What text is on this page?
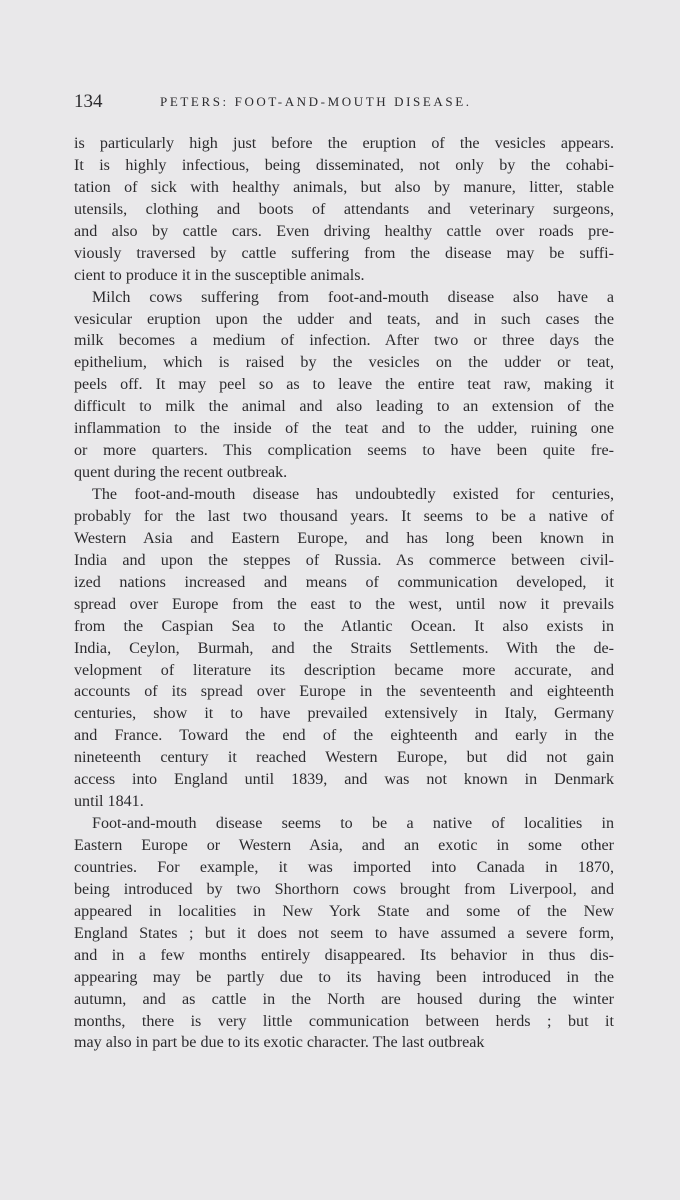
134	PETERS: FOOT-AND-MOUTH DISEASE.
is particularly high just before the eruption of the vesicles appears.
It is highly infectious, being disseminated, not only by the cohabi-
tation of sick with healthy animals, but also by manure, litter, stable
utensils, clothing and boots of attendants and veterinary surgeons,
and also by cattle cars. Even driving healthy cattle over roads pre-
viously traversed by cattle suffering from the disease may be suffi-
cient to produce it in the susceptible animals.
Milch cows suffering from foot-and-mouth disease also have a
vesicular eruption upon the udder and teats, and in such cases the
milk becomes a medium of infection. After two or three days the
epithelium, which is raised by the vesicles on the udder or teat,
peels off. It may peel so as to leave the entire teat raw, making it
difficult to milk the animal and also leading to an extension of the
inflammation to the inside of the teat and to the udder, ruining one
or more quarters. This complication seems to have been quite fre-
quent during the recent outbreak.
The foot-and-mouth disease has undoubtedly existed for centuries,
probably for the last two thousand years. It seems to be a native of
Western Asia and Eastern Europe, and has long been known in
India and upon the steppes of Russia. As commerce between civil-
ized nations increased and means of communication developed, it
spread over Europe from the east to the west, until now it prevails
from the Caspian Sea to the Atlantic Ocean. It also exists in
India, Ceylon, Burmah, and the Straits Settlements. With the de-
velopment of literature its description became more accurate, and
accounts of its spread over Europe in the seventeenth and eighteenth
centuries, show it to have prevailed extensively in Italy, Germany
and France. Toward the end of the eighteenth and early in the
nineteenth century it reached Western Europe, but did not gain
access into England until 1839, and was not known in Denmark
until 1841.
Foot-and-mouth disease seems to be a native of localities in
Eastern Europe or Western Asia, and an exotic in some other
countries. For example, it was imported into Canada in 1870,
being introduced by two Shorthorn cows brought from Liverpool, and
appeared in localities in New York State and some of the New
England States ; but it does not seem to have assumed a severe form,
and in a few months entirely disappeared. Its behavior in thus dis-
appearing may be partly due to its having been introduced in the
autumn, and as cattle in the North are housed during the winter
months, there is very little communication between herds ; but it
may also in part be due to its exotic character. The last outbreak
